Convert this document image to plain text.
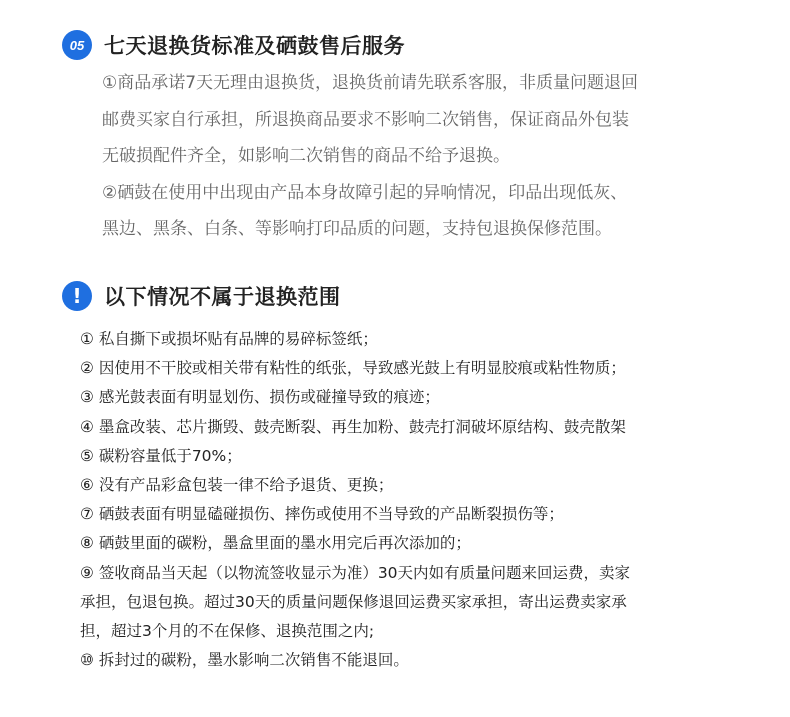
05 七天退换货标准及硒鼓售后服务

①商品承诺7天无理由退换货，退换货前请先联系客服，非质量问题退回

邮费买家自行承担，所退换商品要求不影响二次销售，保证商品外包装

无破损配件齐全，如影响二次销售的商品不给予退换。

②硒鼓在使用中出现由产品本身故障引起的异响情况，印品出现低灰、

黑边、黑条、白条、等影响打印品质的问题，支持包退换保修范围。

!	以下情况不属于退换范围

① 私自撕下或损坏贴有品牌的易碎标签纸；

② 因使用不干胶或相关带有粘性的纸张，导致感光鼓上有明显胶痕或粘性物质；

③ 感光鼓表面有明显划伤、损伤或碰撞导致的痕迹；

④ 墨盒改装、芯片撕毁、鼓壳断裂、再生加粉、鼓壳打洞破坏原结构、鼓壳散架

⑤ 碳粉容量低于70%；

⑥ 没有产品彩盒包装一律不给予退货、更换；

⑦ 硒鼓表面有明显磕碰损伤、摔伤或使用不当导致的产品断裂损伤等；

⑧ 硒鼓里面的碳粉，墨盒里面的墨水用完后再次添加的；

⑨ 签收商品当天起（以物流签收显示为准）30天内如有质量问题来回运费，卖家

承担，包退包换。超过30天的质量问题保修退回运费买家承担，寄出运费卖家承

担，超过3个月的不在保修、退换范围之内;

⑩ 拆封过的碳粉，墨水影响二次销售不能退回。
